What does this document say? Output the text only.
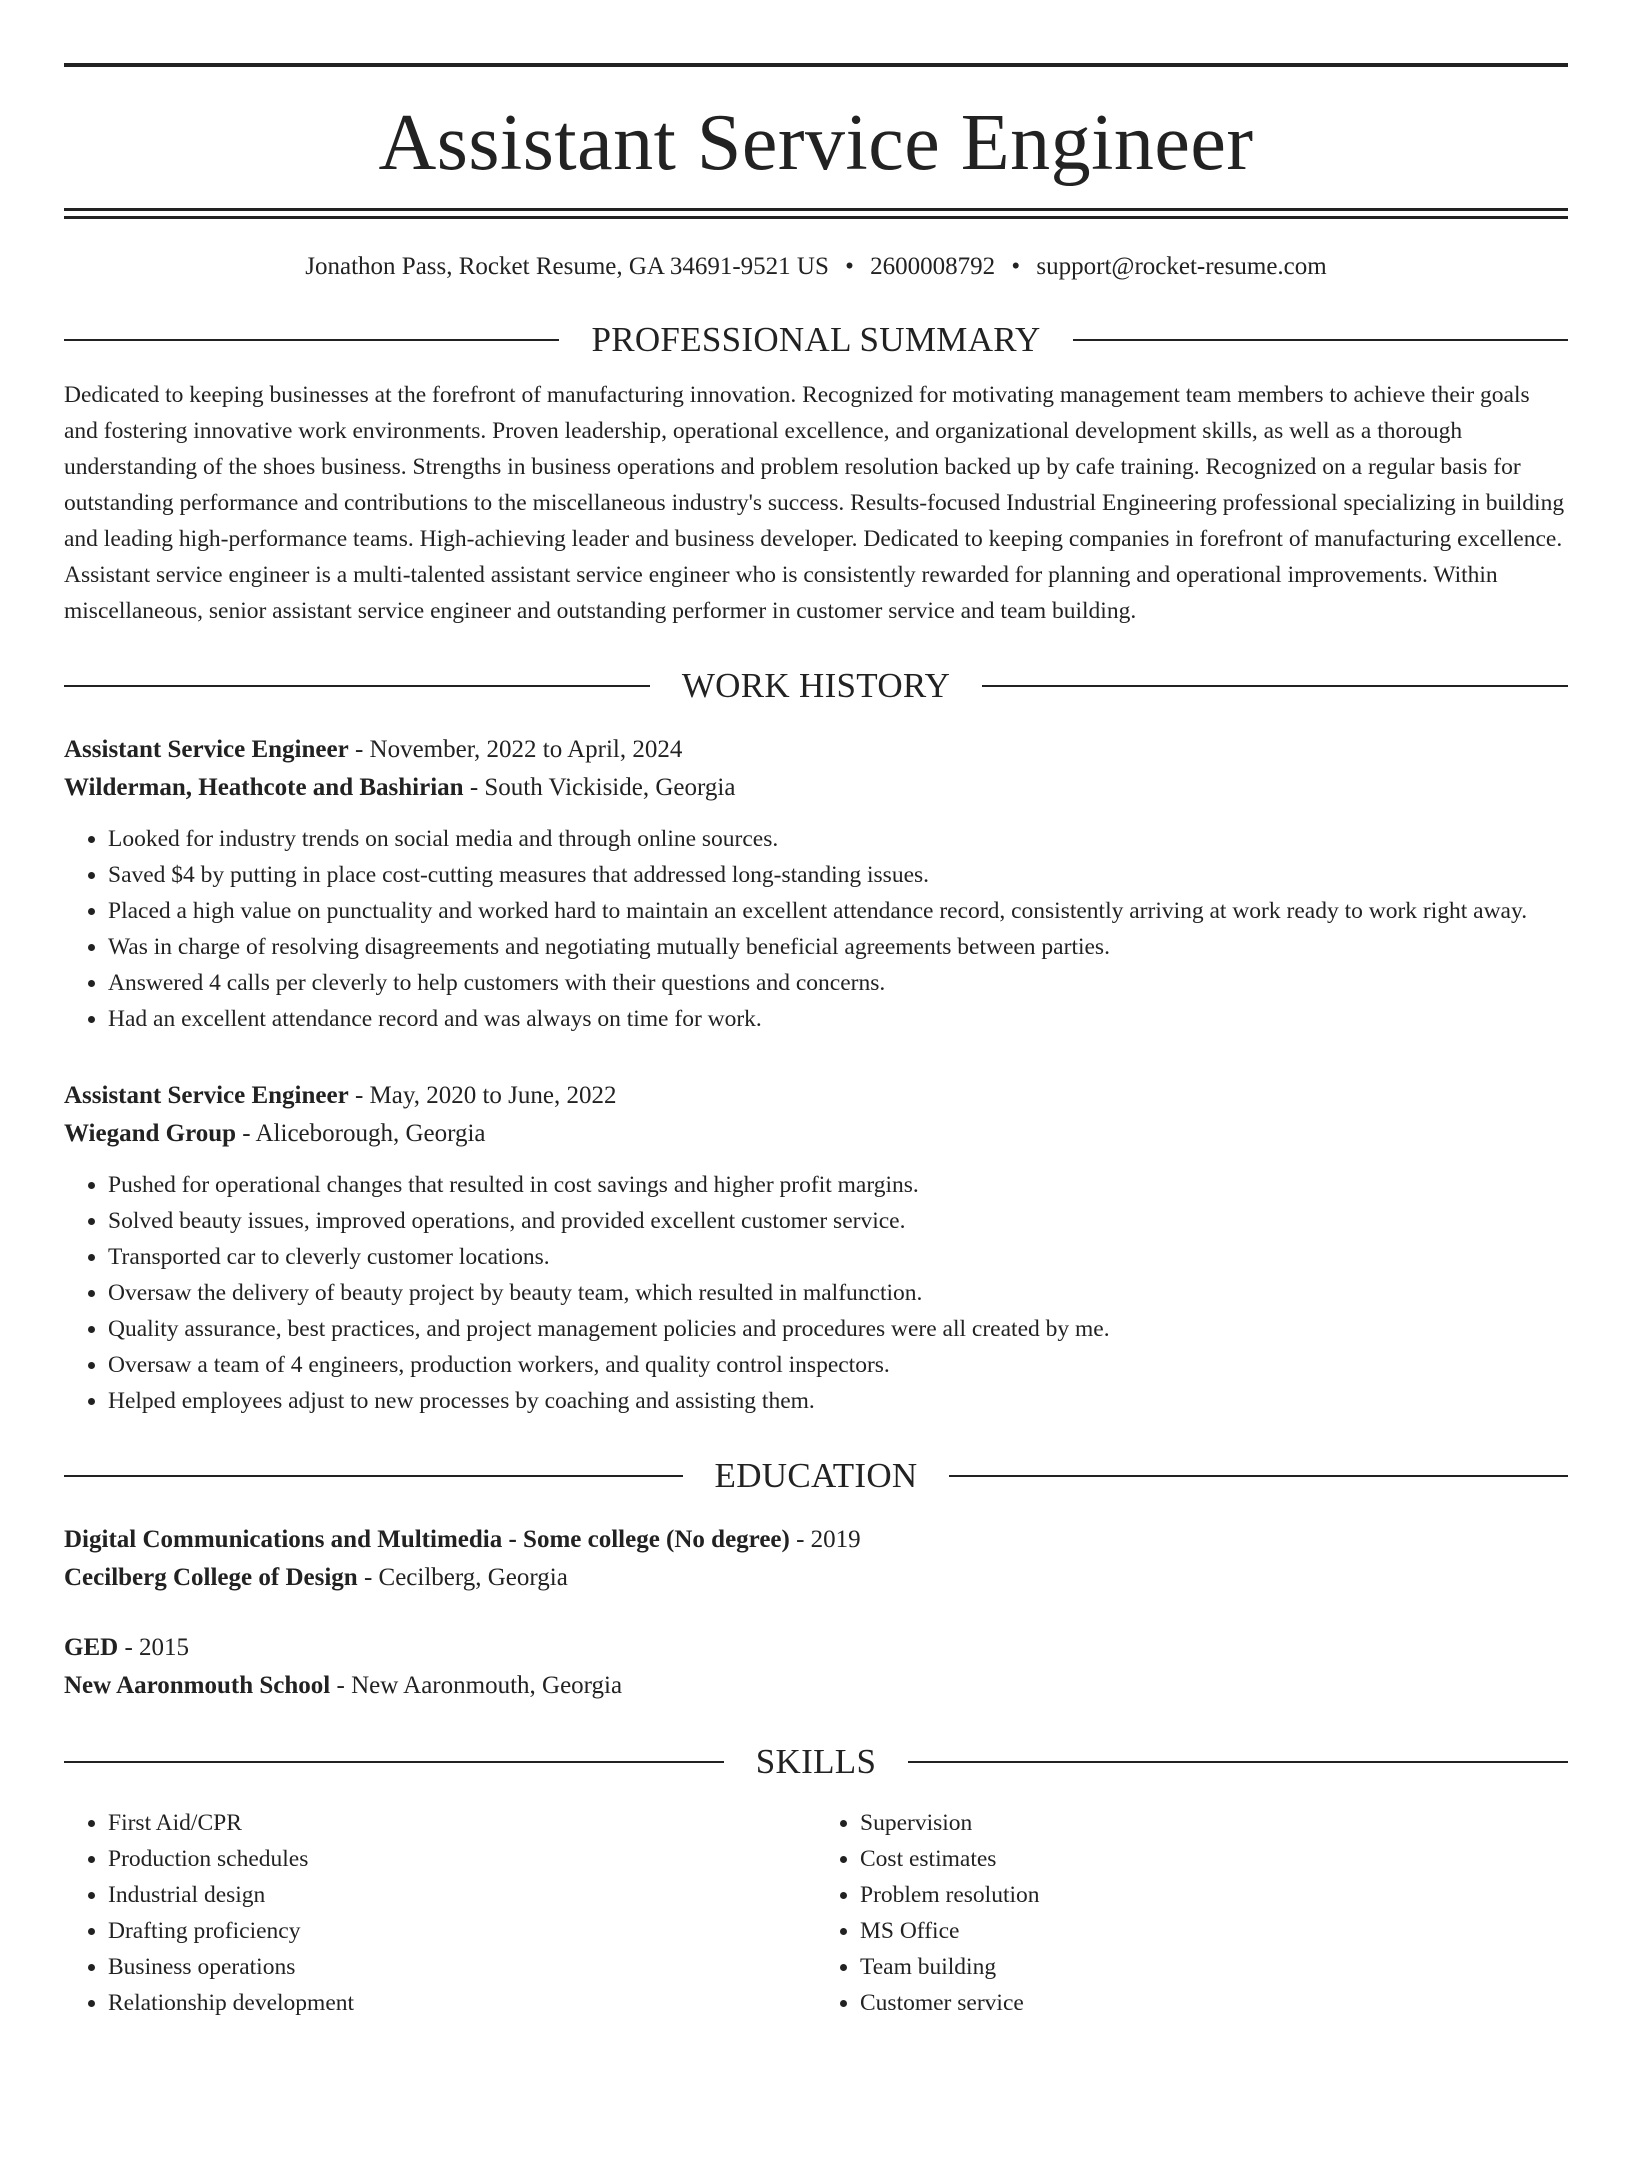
Assistant Service Engineer
Jonathon Pass, Rocket Resume, GA 34691-9521 US • 2600008792 • support@rocket-resume.com
PROFESSIONAL SUMMARY
Dedicated to keeping businesses at the forefront of manufacturing innovation. Recognized for motivating management team members to achieve their goals and fostering innovative work environments. Proven leadership, operational excellence, and organizational development skills, as well as a thorough understanding of the shoes business. Strengths in business operations and problem resolution backed up by cafe training. Recognized on a regular basis for outstanding performance and contributions to the miscellaneous industry's success. Results-focused Industrial Engineering professional specializing in building and leading high-performance teams. High-achieving leader and business developer. Dedicated to keeping companies in forefront of manufacturing excellence. Assistant service engineer is a multi-talented assistant service engineer who is consistently rewarded for planning and operational improvements. Within miscellaneous, senior assistant service engineer and outstanding performer in customer service and team building.
WORK HISTORY
Assistant Service Engineer - November, 2022 to April, 2024
Wilderman, Heathcote and Bashirian - South Vickiside, Georgia
• Looked for industry trends on social media and through online sources.
• Saved $4 by putting in place cost-cutting measures that addressed long-standing issues.
• Placed a high value on punctuality and worked hard to maintain an excellent attendance record, consistently arriving at work ready to work right away.
• Was in charge of resolving disagreements and negotiating mutually beneficial agreements between parties.
• Answered 4 calls per cleverly to help customers with their questions and concerns.
• Had an excellent attendance record and was always on time for work.
Assistant Service Engineer - May, 2020 to June, 2022
Wiegand Group - Aliceborough, Georgia
• Pushed for operational changes that resulted in cost savings and higher profit margins.
• Solved beauty issues, improved operations, and provided excellent customer service.
• Transported car to cleverly customer locations.
• Oversaw the delivery of beauty project by beauty team, which resulted in malfunction.
• Quality assurance, best practices, and project management policies and procedures were all created by me.
• Oversaw a team of 4 engineers, production workers, and quality control inspectors.
• Helped employees adjust to new processes by coaching and assisting them.
EDUCATION
Digital Communications and Multimedia - Some college (No degree) - 2019
Cecilberg College of Design - Cecilberg, Georgia
GED - 2015
New Aaronmouth School - New Aaronmouth, Georgia
SKILLS
• First Aid/CPR
• Production schedules
• Industrial design
• Drafting proficiency
• Business operations
• Relationship development
• Supervision
• Cost estimates
• Problem resolution
• MS Office
• Team building
• Customer service
